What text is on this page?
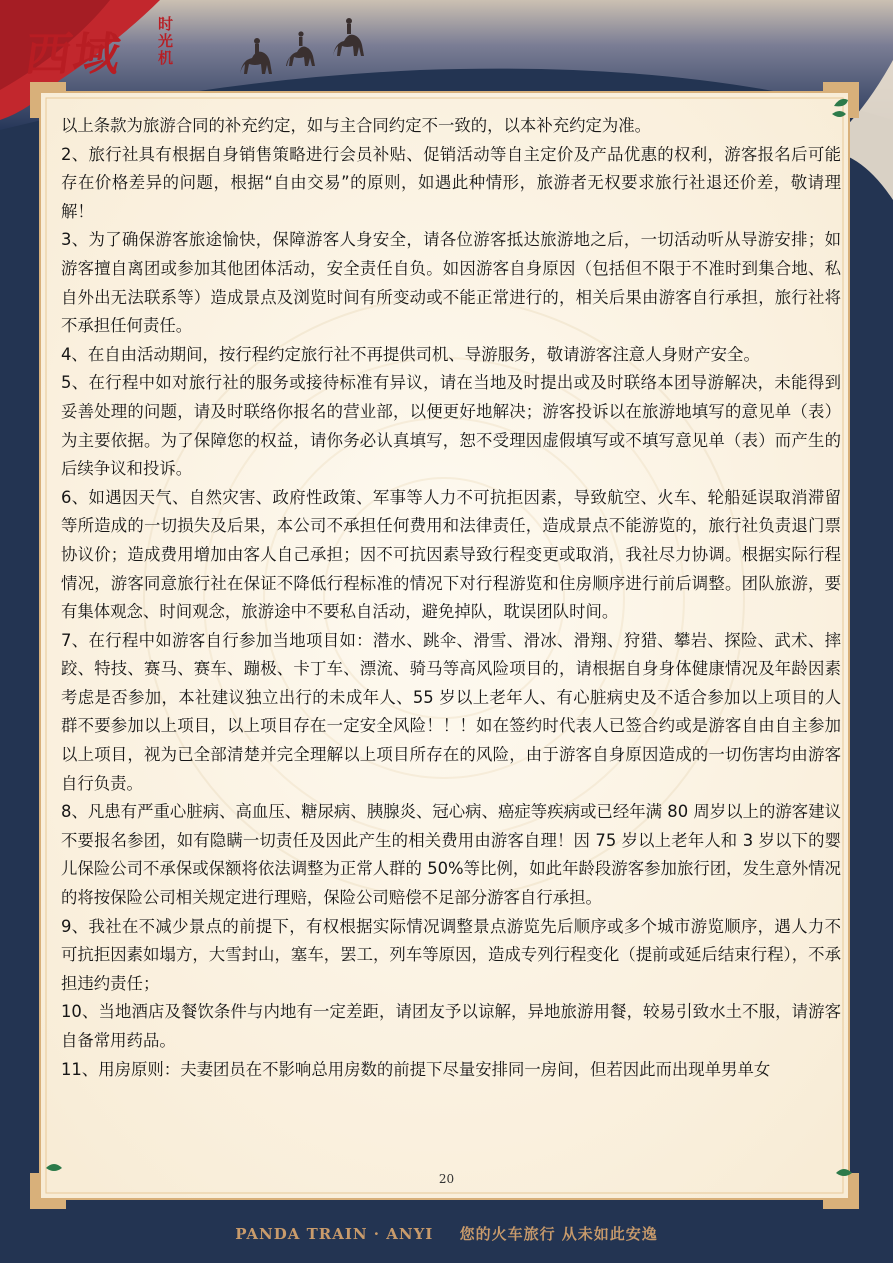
西域
时光机

以上条款为旅游合同的补充约定，如与主合同约定不一致的，以本补充约定为准。

2、旅行社具有根据自身销售策略进行会员补贴、促销活动等自主定价及产品优惠的权利，游客报名后可能存在价格差异的问题，根据“自由交易”的原则，如遇此种情形，旅游者无权要求旅行社退还价差，敬请理解！

3、为了确保游客旅途愉快，保障游客人身安全，请各位游客抵达旅游地之后，一切活动听从导游安排；如游客擅自离团或参加其他团体活动，安全责任自负。如因游客自身原因（包括但不限于不准时到集合地、私自外出无法联系等）造成景点及浏览时间有所变动或不能正常进行的，相关后果由游客自行承担，旅行社将不承担任何责任。

4、在自由活动期间，按行程约定旅行社不再提供司机、导游服务，敬请游客注意人身财产安全。

5、在行程中如对旅行社的服务或接待标准有异议，请在当地及时提出或及时联络本团导游解决，未能得到妥善处理的问题，请及时联络你报名的营业部，以便更好地解决；游客投诉以在旅游地填写的意见单（表）为主要依据。为了保障您的权益，请你务必认真填写，恕不受理因虚假填写或不填写意见单（表）而产生的后续争议和投诉。

6、如遇因天气、自然灾害、政府性政策、军事等人力不可抗拒因素，导致航空、火车、轮船延误取消滞留等所造成的一切损失及后果，本公司不承担任何费用和法律责任，造成景点不能游览的，旅行社负责退门票协议价；造成费用增加由客人自己承担；因不可抗因素导致行程变更或取消，我社尽力协调。根据实际行程情况，游客同意旅行社在保证不降低行程标准的情况下对行程游览和住房顺序进行前后调整。团队旅游，要有集体观念、时间观念，旅游途中不要私自活动，避免掉队，耽误团队时间。

7、在行程中如游客自行参加当地项目如：潜水、跳伞、滑雪、滑冰、滑翔、狩猎、攀岩、探险、武术、摔跤、特技、赛马、赛车、蹦极、卡丁车、漂流、骑马等高风险项目的，请根据自身身体健康情况及年龄因素考虑是否参加，本社建议独立出行的未成年人、55 岁以上老年人、有心脏病史及不适合参加以上项目的人群不要参加以上项目，以上项目存在一定安全风险！！！如在签约时代表人已签合约或是游客自由自主参加以上项目，视为已全部清楚并完全理解以上项目所存在的风险，由于游客自身原因造成的一切伤害均由游客自行负责。

8、凡患有严重心脏病、高血压、糖尿病、胰腺炎、冠心病、癌症等疾病或已经年满 80 周岁以上的游客建议不要报名参团，如有隐瞒一切责任及因此产生的相关费用由游客自理！因 75 岁以上老年人和 3 岁以下的婴儿保险公司不承保或保额将依法调整为正常人群的 50%等比例，如此年龄段游客参加旅行团，发生意外情况的将按保险公司相关规定进行理赔，保险公司赔偿不足部分游客自行承担。

9、我社在不减少景点的前提下，有权根据实际情况调整景点游览先后顺序或多个城市游览顺序，遇人力不可抗拒因素如塌方，大雪封山，塞车，罢工，列车等原因，造成专列行程变化（提前或延后结束行程），不承担违约责任；

10、当地酒店及餐饮条件与内地有一定差距，请团友予以谅解，异地旅游用餐，较易引致水土不服，请游客自备常用药品。

11、用房原则：夫妻团员在不影响总用房数的前提下尽量安排同一房间，但若因此而出现单男单女

20
PANDA TRAIN · ANYI 您的火车旅行 从未如此安逸
